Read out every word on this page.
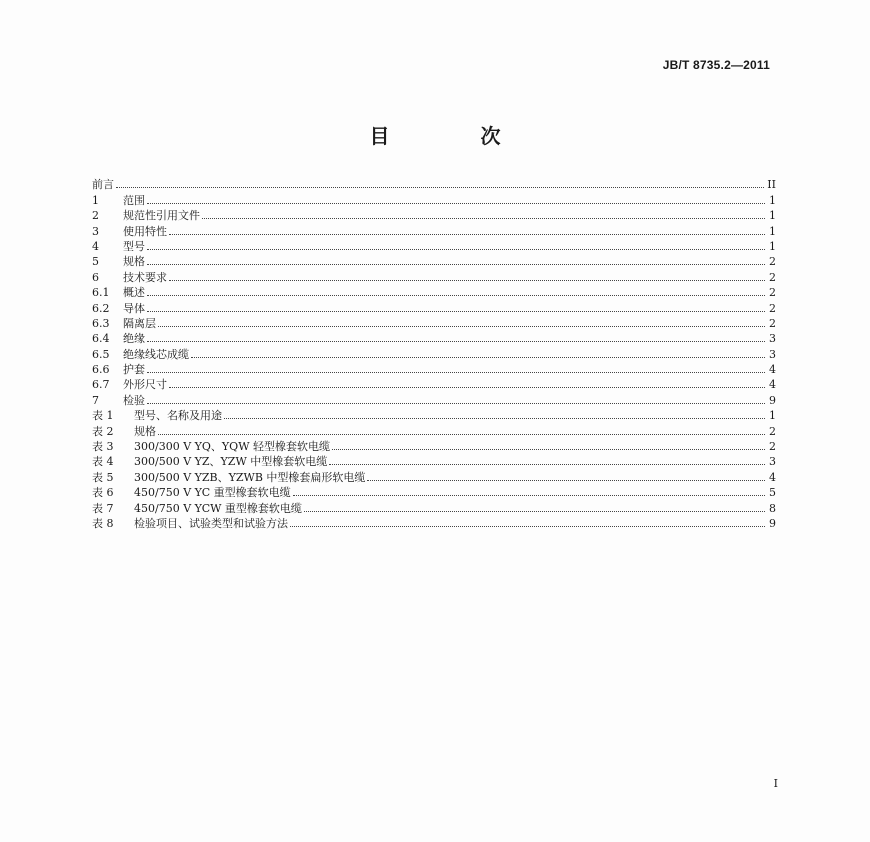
JB/T 8735.2—2011
目 次
前言	II
1	范围	1
2	规范性引用文件	1
3	使用特性	1
4	型号	1
5	规格	2
6	技术要求	2
6.1	概述	2
6.2	导体	2
6.3	隔离层	2
6.4	绝缘	3
6.5	绝缘线芯成缆	3
6.6	护套	4
6.7	外形尺寸	4
7	检验	9
表 1	型号、名称及用途	1
表 2	规格	2
表 3	300/300 V YQ、YQW 轻型橡套软电缆	2
表 4	300/500 V YZ、YZW 中型橡套软电缆	3
表 5	300/500 V YZB、YZWB 中型橡套扁形软电缆	4
表 6	450/750 V YC 重型橡套软电缆	5
表 7	450/750 V YCW 重型橡套软电缆	8
表 8	检验项目、试验类型和试验方法	9
I
